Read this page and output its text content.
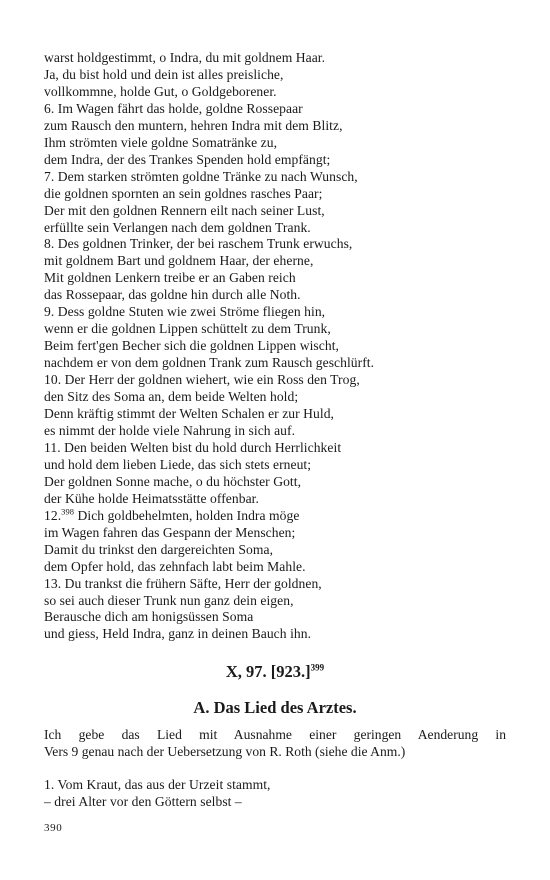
warst holdgestimmt, o Indra, du mit goldnem Haar.
Ja, du bist hold und dein ist alles preisliche,
vollkommne, holde Gut, o Goldgeborener.
6. Im Wagen fährt das holde, goldne Rossepaar
zum Rausch den muntern, hehren Indra mit dem Blitz,
Ihm strömten viele goldne Somatränke zu,
dem Indra, der des Trankes Spenden hold empfängt;
7. Dem starken strömten goldne Tränke zu nach Wunsch,
die goldnen spornten an sein goldnes rasches Paar;
Der mit den goldnen Rennern eilt nach seiner Lust,
erfüllte sein Verlangen nach dem goldnen Trank.
8. Des goldnen Trinker, der bei raschem Trunk erwuchs,
mit goldnem Bart und goldnem Haar, der eherne,
Mit goldnen Lenkern treibe er an Gaben reich
das Rossepaar, das goldne hin durch alle Noth.
9. Dess goldne Stuten wie zwei Ströme fliegen hin,
wenn er die goldnen Lippen schüttelt zu dem Trunk,
Beim fert'gen Becher sich die goldnen Lippen wischt,
nachdem er von dem goldnen Trank zum Rausch geschlürft.
10. Der Herr der goldnen wiehert, wie ein Ross den Trog,
den Sitz des Soma an, dem beide Welten hold;
Denn kräftig stimmt der Welten Schalen er zur Huld,
es nimmt der holde viele Nahrung in sich auf.
11. Den beiden Welten bist du hold durch Herrlichkeit
und hold dem lieben Liede, das sich stets erneut;
Der goldnen Sonne mache, o du höchster Gott,
der Kühe holde Heimatsstätte offenbar.
12.$^{398}$ Dich goldbehelmten, holden Indra möge
im Wagen fahren das Gespann der Menschen;
Damit du trinkst den dargereichten Soma,
dem Opfer hold, das zehnfach labt beim Mahle.
13. Du trankst die frühern Säfte, Herr der goldnen,
so sei auch dieser Trunk nun ganz dein eigen,
Berausche dich am honigsüssen Soma
und giess, Held Indra, ganz in deinen Bauch ihn.
X, 97. [923.]$^{399}$
A. Das Lied des Arztes.
Ich gebe das Lied mit Ausnahme einer geringen Aenderung in
Vers 9 genau nach der Uebersetzung von R. Roth (siehe die Anm.)
1. Vom Kraut, das aus der Urzeit stammt,
– drei Alter vor den Göttern selbst –
390
